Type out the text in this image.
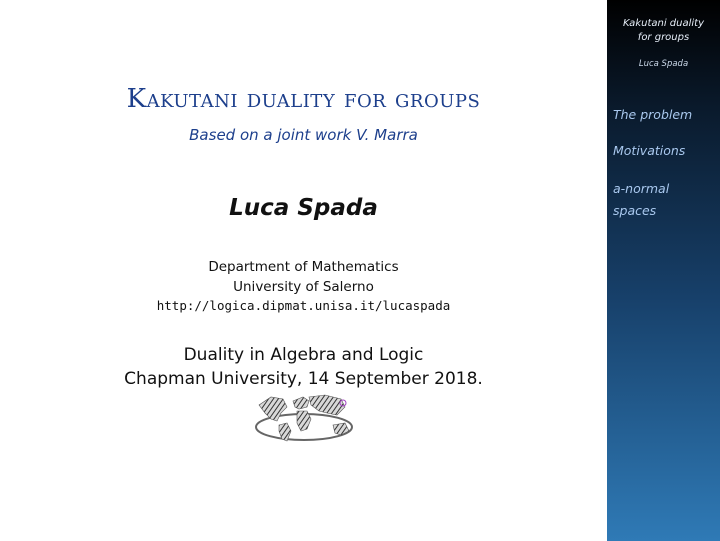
Kakutani duality for groups
Based on a joint work V. Marra
Luca Spada
Department of Mathematics
University of Salerno
http://logica.dipmat.unisa.it/lucaspada
Duality in Algebra and Logic
Chapman University, 14 September 2018.
Kakutani duality
for groups
Luca Spada
The problem
Motivations
a-normal
spaces
